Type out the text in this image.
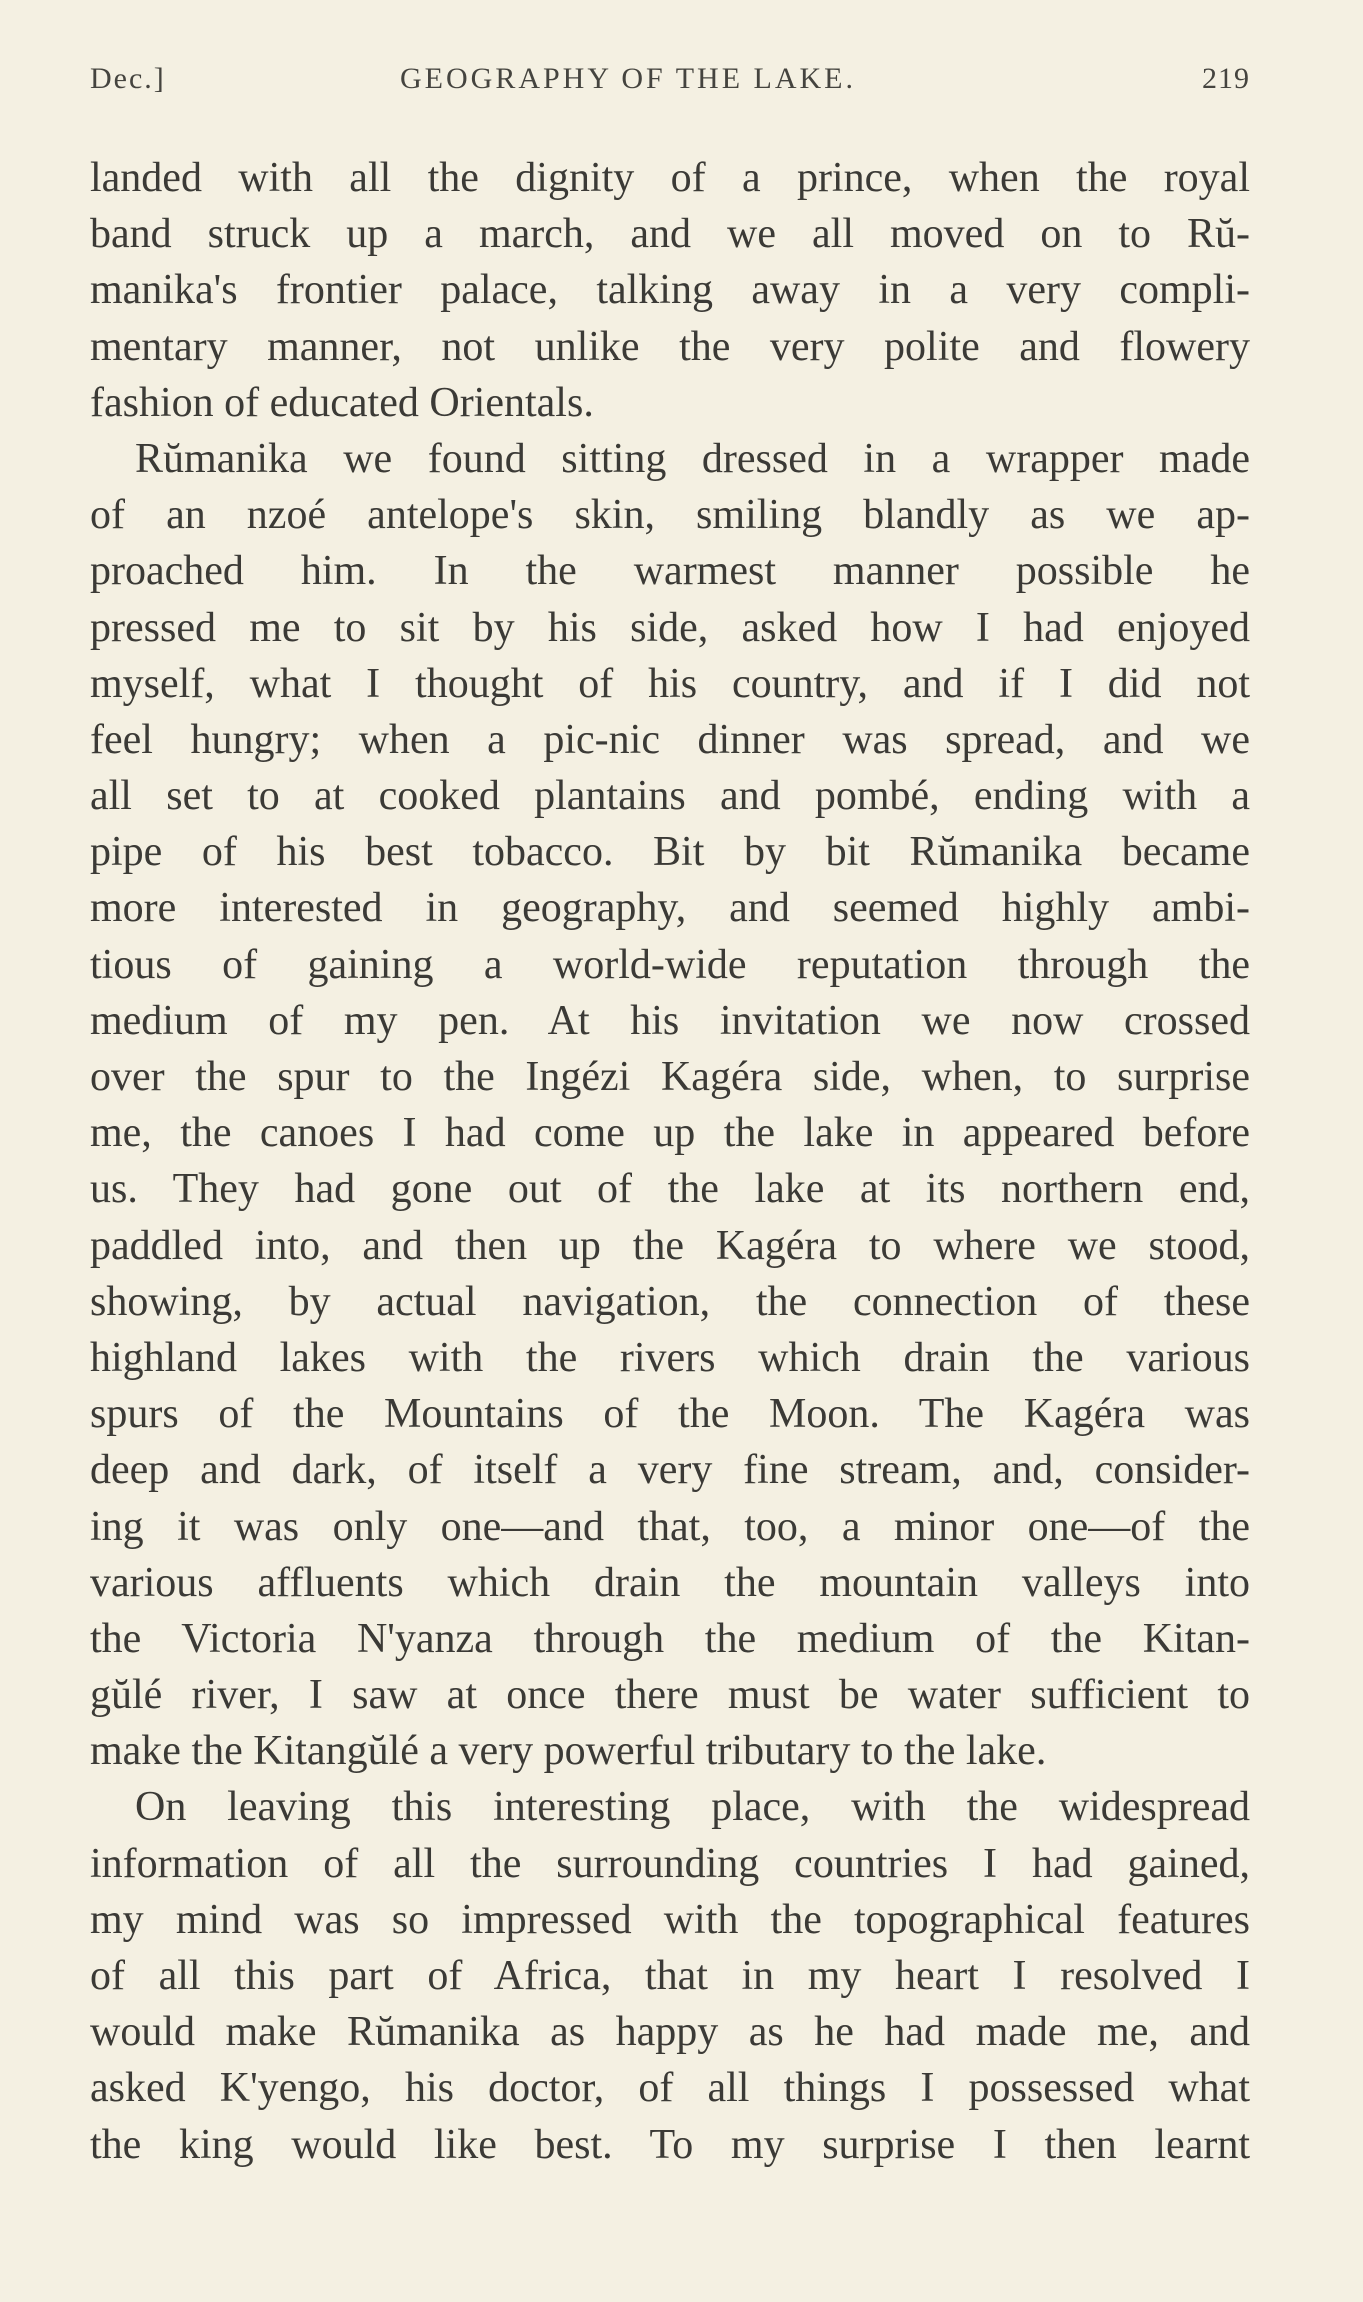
Dec.]	GEOGRAPHY OF THE LAKE.	219
landed with all the dignity of a prince, when the royal
band struck up a march, and we all moved on to Rŭ-
manika's frontier palace, talking away in a very compli-
mentary manner, not unlike the very polite and flowery
fashion of educated Orientals.
Rŭmanika we found sitting dressed in a wrapper made
of an nzoé antelope's skin, smiling blandly as we ap-
proached him. In the warmest manner possible he
pressed me to sit by his side, asked how I had enjoyed
myself, what I thought of his country, and if I did not
feel hungry; when a pic-nic dinner was spread, and we
all set to at cooked plantains and pombé, ending with a
pipe of his best tobacco. Bit by bit Rŭmanika became
more interested in geography, and seemed highly ambi-
tious of gaining a world-wide reputation through the
medium of my pen. At his invitation we now crossed
over the spur to the Ingézi Kagéra side, when, to surprise
me, the canoes I had come up the lake in appeared before
us. They had gone out of the lake at its northern end,
paddled into, and then up the Kagéra to where we stood,
showing, by actual navigation, the connection of these
highland lakes with the rivers which drain the various
spurs of the Mountains of the Moon. The Kagéra was
deep and dark, of itself a very fine stream, and, consider-
ing it was only one—and that, too, a minor one—of the
various affluents which drain the mountain valleys into
the Victoria N'yanza through the medium of the Kitan-
gŭlé river, I saw at once there must be water sufficient to
make the Kitangŭlé a very powerful tributary to the lake.
On leaving this interesting place, with the widespread
information of all the surrounding countries I had gained,
my mind was so impressed with the topographical features
of all this part of Africa, that in my heart I resolved I
would make Rŭmanika as happy as he had made me, and
asked K'yengo, his doctor, of all things I possessed what
the king would like best. To my surprise I then learnt
